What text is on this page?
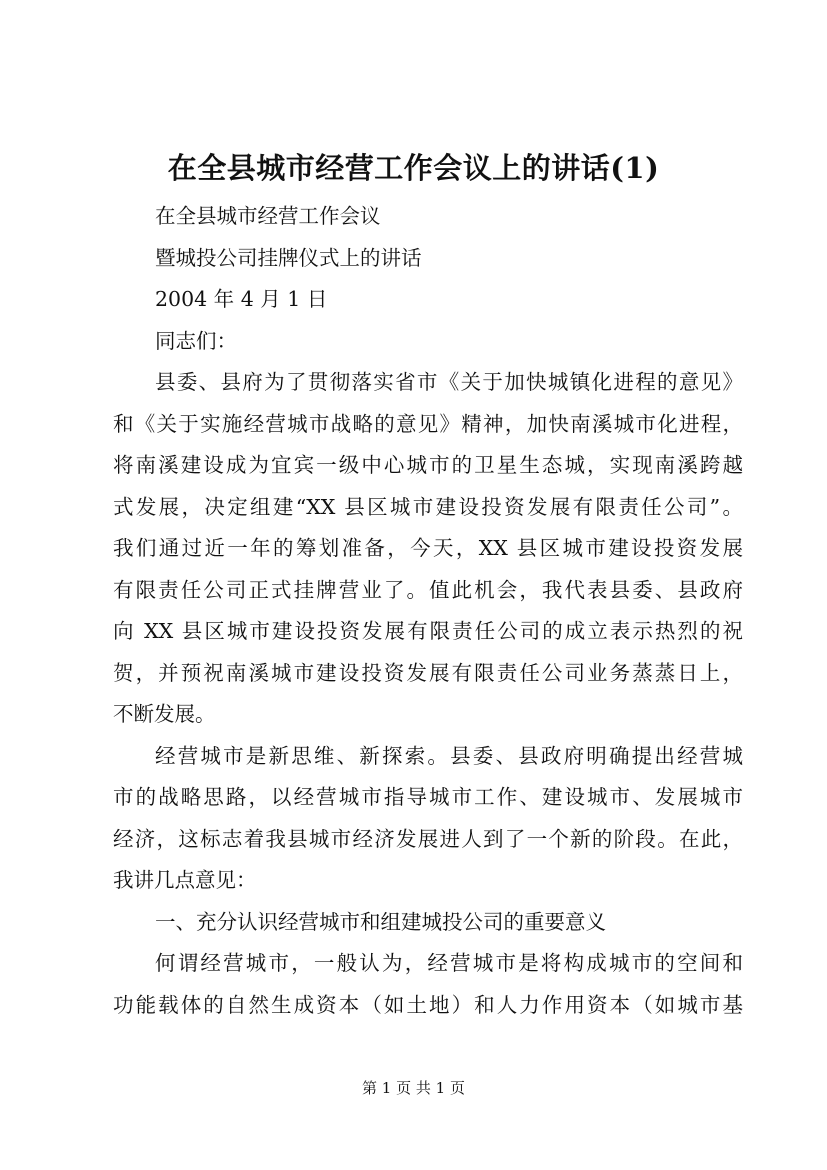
在全县城市经营工作会议上的讲话(1)
在全县城市经营工作会议
暨城投公司挂牌仪式上的讲话
2004 年 4 月 1 日
同志们：
县委、县府为了贯彻落实省市《关于加快城镇化进程的意见》
和《关于实施经营城市战略的意见》精神，加快南溪城市化进程，
将南溪建设成为宜宾一级中心城市的卫星生态城，实现南溪跨越
式发展，决定组建“XX 县区城市建设投资发展有限责任公司”。
我们通过近一年的筹划准备，今天，XX 县区城市建设投资发展
有限责任公司正式挂牌营业了。值此机会，我代表县委、县政府
向 XX 县区城市建设投资发展有限责任公司的成立表示热烈的祝
贺，并预祝南溪城市建设投资发展有限责任公司业务蒸蒸日上，
不断发展。
经营城市是新思维、新探索。县委、县政府明确提出经营城
市的战略思路，以经营城市指导城市工作、建设城市、发展城市
经济，这标志着我县城市经济发展进人到了一个新的阶段。在此，
我讲几点意见：
一、充分认识经营城市和组建城投公司的重要意义
何谓经营城市，一般认为，经营城市是将构成城市的空间和
功能载体的自然生成资本（如土地）和人力作用资本（如城市基
第 1 页 共 1 页
